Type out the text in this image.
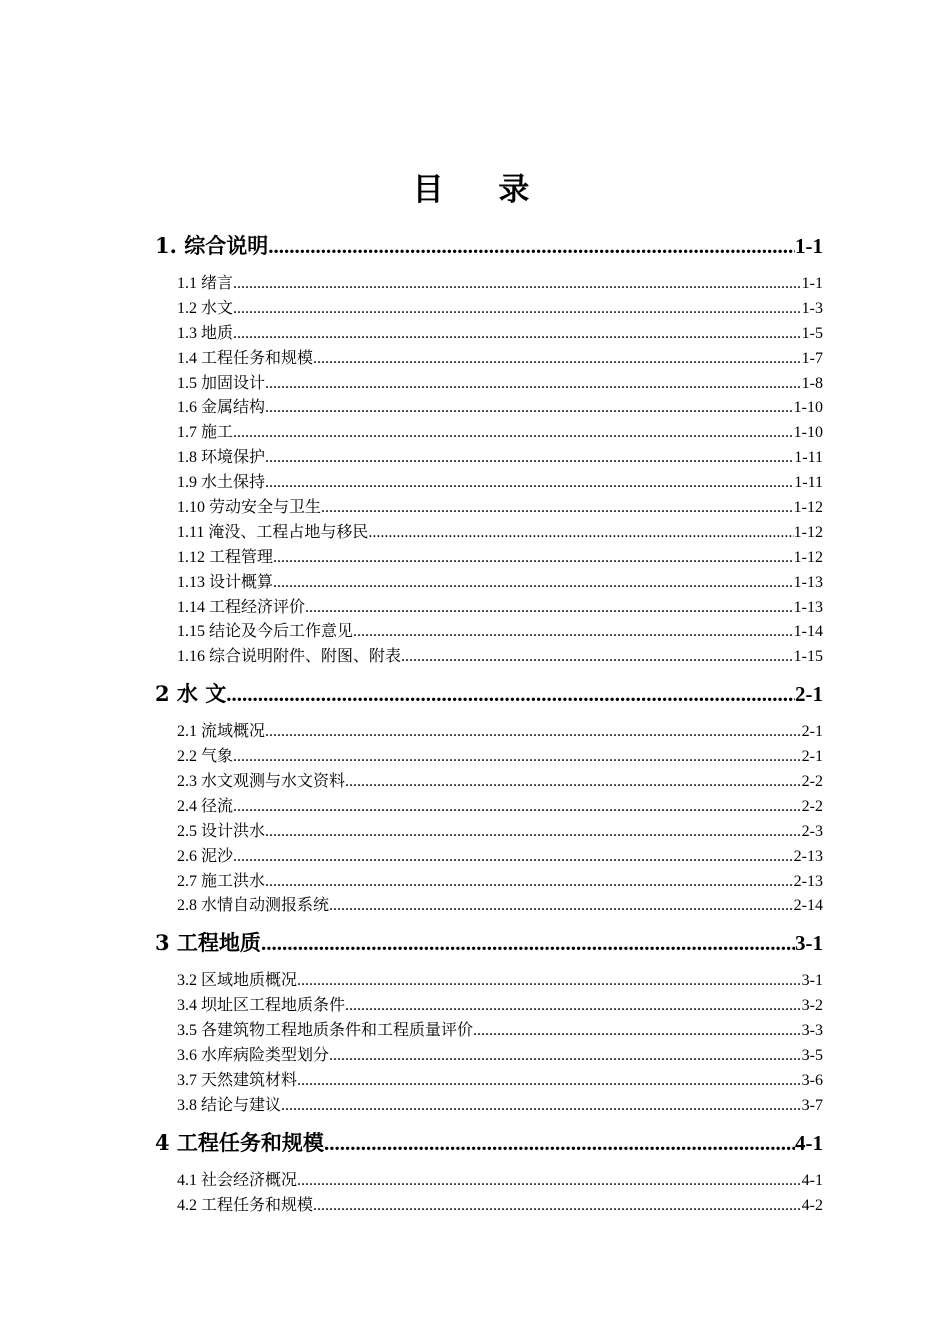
目 录
1. 综合说明 .....	1-1
1.1 绪言 .....	1-1
1.2 水文 .....	1-3
1.3 地质 .....	1-5
1.4 工程任务和规模 .....	1-7
1.5 加固设计 .....	1-8
1.6 金属结构 .....	1-10
1.7 施工 .....	1-10
1.8 环境保护 .....	1-11
1.9 水土保持 .....	1-11
1.10 劳动安全与卫生 .....	1-12
1.11 淹没、工程占地与移民 .....	1-12
1.12 工程管理 .....	1-12
1.13 设计概算 .....	1-13
1.14 工程经济评价 .....	1-13
1.15 结论及今后工作意见 .....	1-14
1.16 综合说明附件、附图、附表 .....	1-15
2 水 文 .....	2-1
2.1 流域概况 .....	2-1
2.2 气象 .....	2-1
2.3 水文观测与水文资料 .....	2-2
2.4 径流 .....	2-2
2.5 设计洪水 .....	2-3
2.6 泥沙 .....	2-13
2.7 施工洪水 .....	2-13
2.8 水情自动测报系统 .....	2-14
3 工程地质 .....	3-1
3.2 区域地质概况 .....	3-1
3.4 坝址区工程地质条件 .....	3-2
3.5 各建筑物工程地质条件和工程质量评价 .....	3-3
3.6 水库病险类型划分 .....	3-5
3.7 天然建筑材料 .....	3-6
3.8 结论与建议 .....	3-7
4 工程任务和规模 .....	4-1
4.1 社会经济概况 .....	4-1
4.2 工程任务和规模 .....	4-2
